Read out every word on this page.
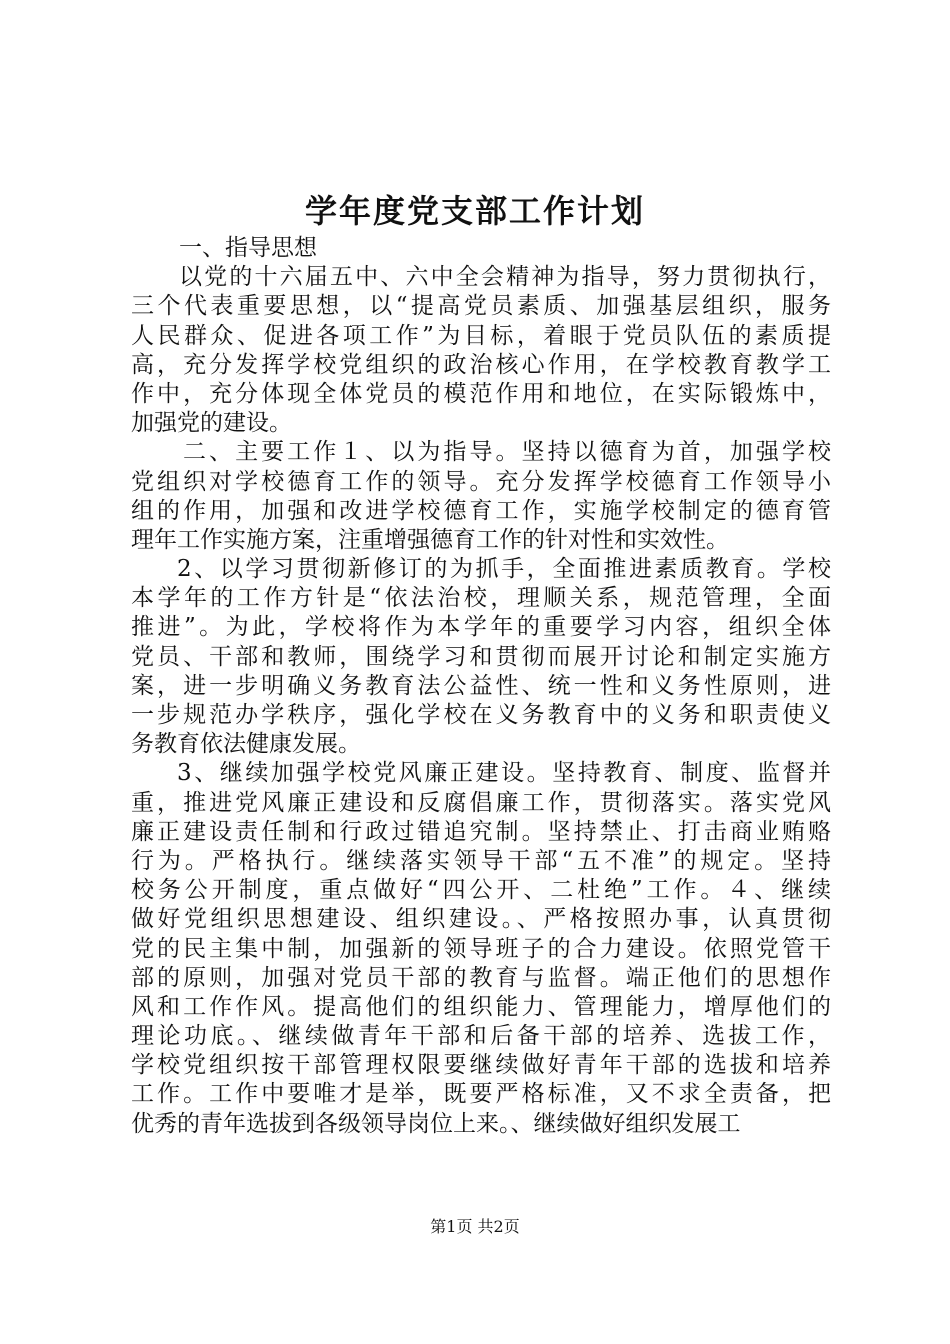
学年度党支部工作计划
一、指导思想
以党的十六届五中、六中全会精神为指导，努力贯彻执行，
三个代表重要思想，以“提高党员素质、加强基层组织，服务
人民群众、促进各项工作”为目标，着眼于党员队伍的素质提
高，充分发挥学校党组织的政治核心作用，在学校教育教学工
作中，充分体现全体党员的模范作用和地位，在实际锻炼中，
加强党的建设。
二、主要工作１、以为指导。坚持以德育为首，加强学校
党组织对学校德育工作的领导。充分发挥学校德育工作领导小
组的作用，加强和改进学校德育工作，实施学校制定的德育管
理年工作实施方案，注重增强德育工作的针对性和实效性。
2、以学习贯彻新修订的为抓手，全面推进素质教育。学校
本学年的工作方针是“依法治校，理顺关系，规范管理，全面
推进”。为此，学校将作为本学年的重要学习内容，组织全体
党员、干部和教师，围绕学习和贯彻而展开讨论和制定实施方
案，进一步明确义务教育法公益性、统一性和义务性原则，进
一步规范办学秩序，强化学校在义务教育中的义务和职责使义
务教育依法健康发展。
3、继续加强学校党风廉正建设。坚持教育、制度、监督并
重，推进党风廉正建设和反腐倡廉工作，贯彻落实。落实党风
廉正建设责任制和行政过错追究制。坚持禁止、打击商业贿赂
行为。严格执行。继续落实领导干部“五不准”的规定。坚持
校务公开制度，重点做好“四公开、二杜绝”工作。４、继续
做好党组织思想建设、组织建设。、严格按照办事，认真贯彻
党的民主集中制，加强新的领导班子的合力建设。依照党管干
部的原则，加强对党员干部的教育与监督。端正他们的思想作
风和工作作风。提高他们的组织能力、管理能力，增厚他们的
理论功底。、继续做青年干部和后备干部的培养、选拔工作，
学校党组织按干部管理权限要继续做好青年干部的选拔和培养
工作。工作中要唯才是举，既要严格标准，又不求全责备，把
优秀的青年选拔到各级领导岗位上来。、继续做好组织发展工
第1页 共2页
